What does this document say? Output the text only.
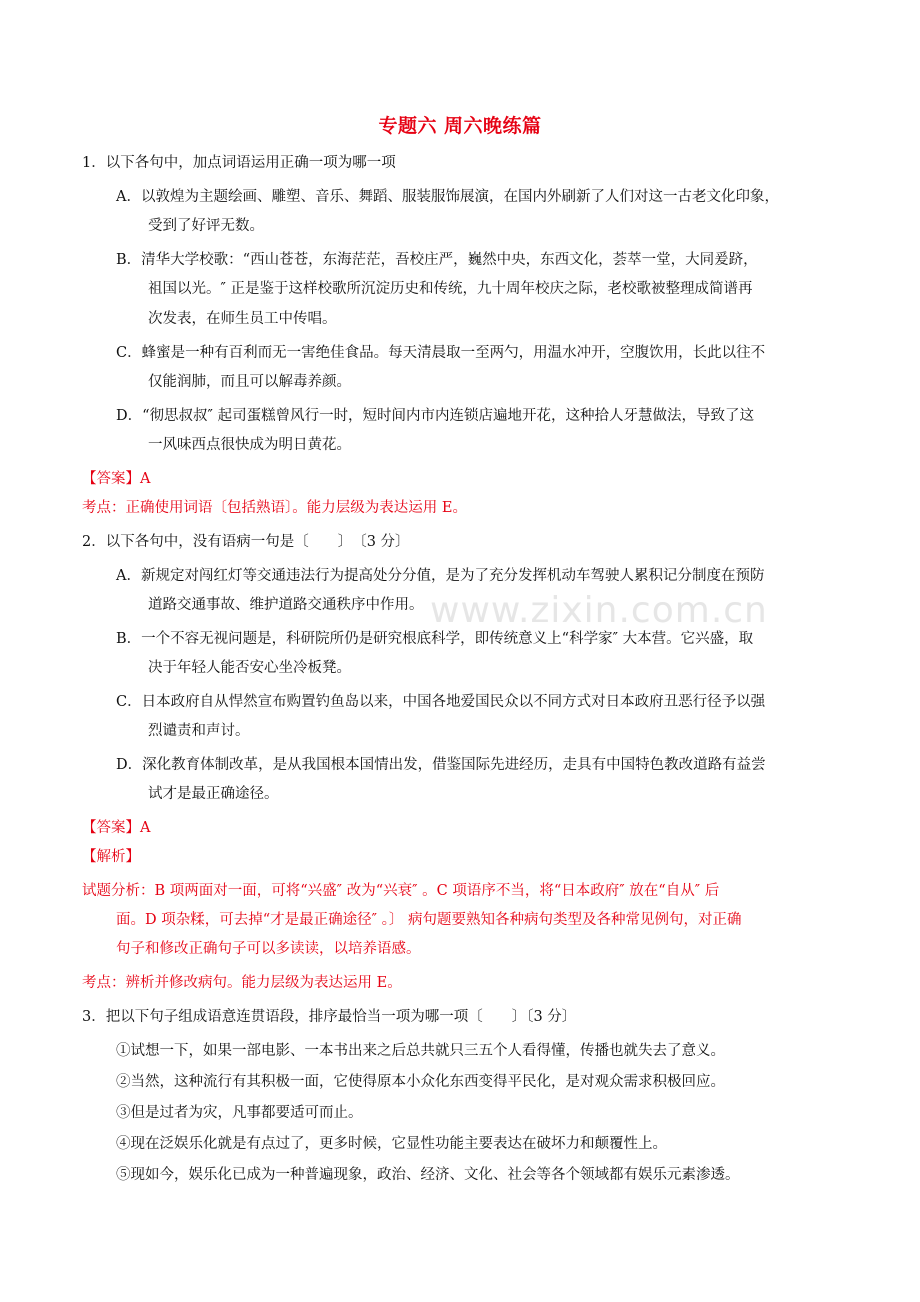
www.zixin.com.cn
专题六 周六晚练篇
1．以下各句中，加点词语运用正确一项为哪一项
A．以敦煌为主题绘画、雕塑、音乐、舞蹈、服装服饰展演，在国内外刷新了人们对这一古老文化印象，
受到了好评无数。
B．清华大学校歌：“西山苍苍，东海茫茫，吾校庄严，巍然中央，东西文化，荟萃一堂，大同爰跻，
祖国以光。″ 正是鉴于这样校歌所沉淀历史和传统，九十周年校庆之际，老校歌被整理成简谱再
次发表，在师生员工中传唱。
C．蜂蜜是一种有百利而无一害绝佳食品。每天清晨取一至两勺，用温水冲开，空腹饮用，长此以往不
仅能润肺，而且可以解毒养颜。
D．“彻思叔叔″ 起司蛋糕曾风行一时，短时间内市内连锁店遍地开花，这种拾人牙慧做法，导致了这
一风味西点很快成为明日黄花。
【答案】A
考点：正确使用词语〔包括熟语〕。能力层级为表达运用 E。
2．以下各句中，没有语病一句是〔　　〕　〔3 分〕
A．新规定对闯红灯等交通违法行为提高处分分值，是为了充分发挥机动车驾驶人累积记分制度在预防
道路交通事故、维护道路交通秩序中作用。
B．一个不容无视问题是，科研院所仍是研究根底科学，即传统意义上“科学家″ 大本营。它兴盛，取
决于年轻人能否安心坐冷板凳。
C．日本政府自从悍然宣布购置钓鱼岛以来，中国各地爱国民众以不同方式对日本政府丑恶行径予以强
烈谴责和声讨。
D．深化教育体制改革，是从我国根本国情出发，借鉴国际先进经历，走具有中国特色教改道路有益尝
试才是最正确途径。
【答案】A
【解析】
试题分析：B 项两面对一面，可将“兴盛″ 改为“兴衰″ 。C 项语序不当，将“日本政府″ 放在“自从″ 后
面。D 项杂糅，可去掉“才是最正确途径″ 。〕 病句题要熟知各种病句类型及各种常见例句，对正确
句子和修改正确句子可以多读读，以培养语感。
考点：辨析并修改病句。能力层级为表达运用 E。
3．把以下句子组成语意连贯语段，排序最恰当一项为哪一项〔　　〕〔3 分〕
①试想一下，如果一部电影、一本书出来之后总共就只三五个人看得懂，传播也就失去了意义。
②当然，这种流行有其积极一面，它使得原本小众化东西变得平民化，是对观众需求积极回应。
③但是过者为灾，凡事都要适可而止。
④现在泛娱乐化就是有点过了，更多时候，它显性功能主要表达在破坏力和颠覆性上。
⑤现如今，娱乐化已成为一种普遍现象，政治、经济、文化、社会等各个领域都有娱乐元素渗透。
